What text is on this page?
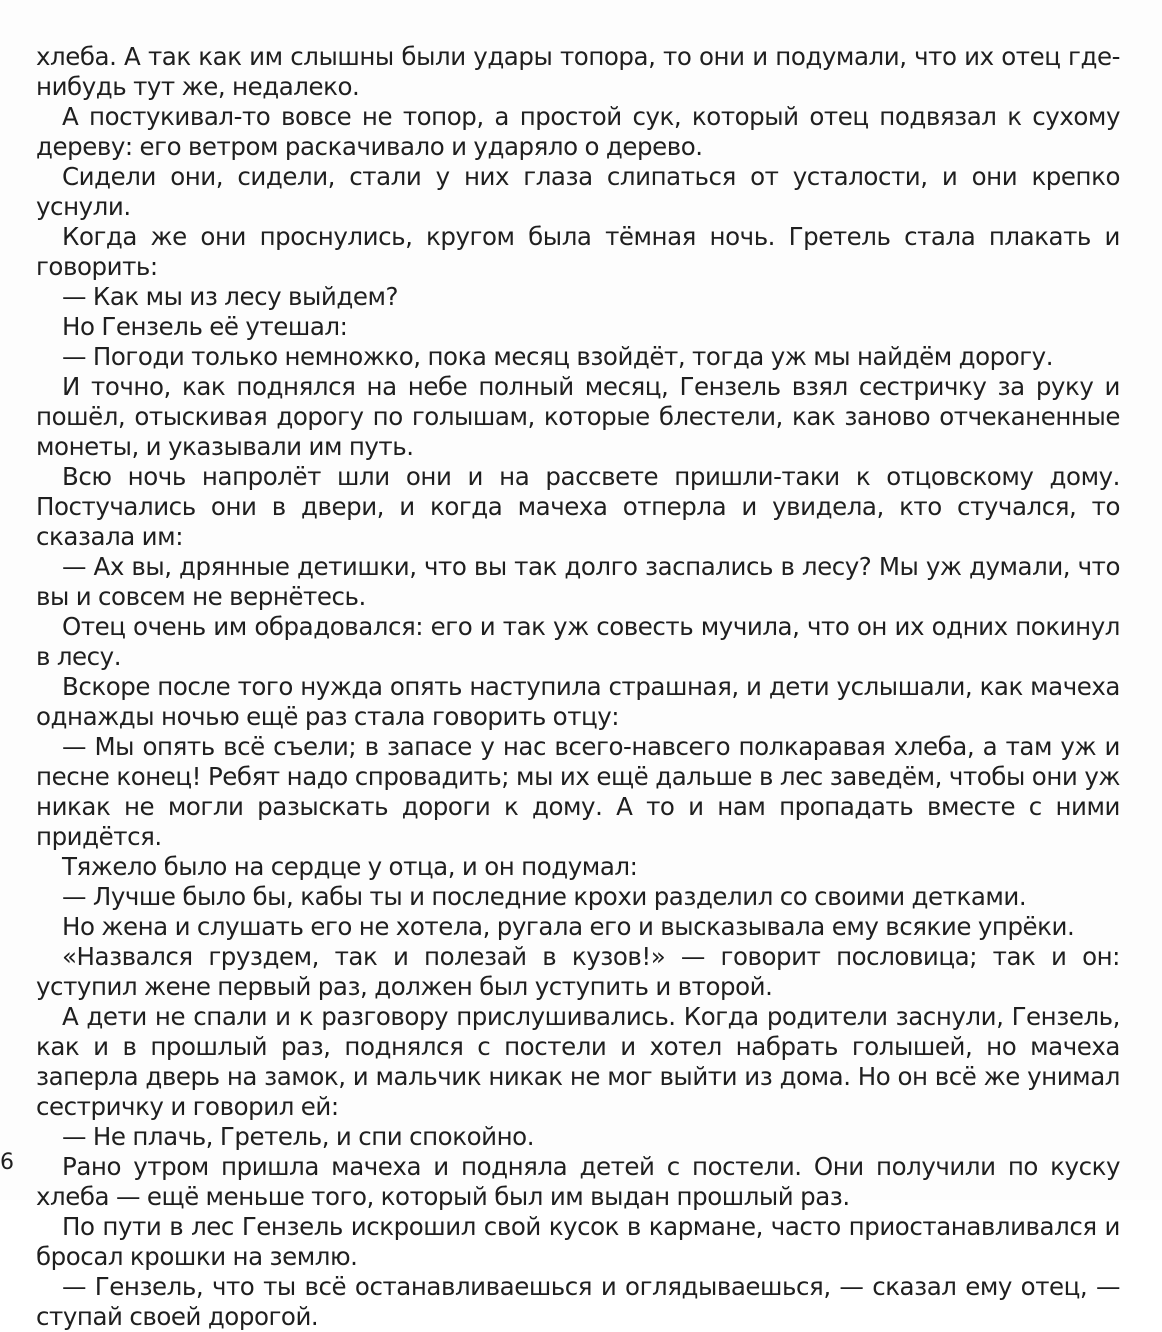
хлеба. А так как им слышны были удары топора, то они и подумали, что их отец где-нибудь тут же, недалеко.

А постукивал-то вовсе не топор, а простой сук, который отец подвязал к сухому дереву: его ветром раскачивало и ударяло о дерево.

Сидели они, сидели, стали у них глаза слипаться от усталости, и они крепко уснули.

Когда же они проснулись, кругом была тёмная ночь. Гретель стала плакать и говорить:

— Как мы из лесу выйдем?

Но Гензель её утешал:

— Погоди только немножко, пока месяц взойдёт, тогда уж мы найдём дорогу.

И точно, как поднялся на небе полный месяц, Гензель взял сестричку за руку и пошёл, отыскивая дорогу по голышам, которые блестели, как заново отчеканенные монеты, и указывали им путь.

Всю ночь напролёт шли они и на рассвете пришли-таки к отцовскому дому. Постучались они в двери, и когда мачеха отперла и увидела, кто стучался, то сказала им:

— Ах вы, дрянные детишки, что вы так долго заспались в лесу? Мы уж думали, что вы и совсем не вернётесь.

Отец очень им обрадовался: его и так уж совесть мучила, что он их одних покинул в лесу.

Вскоре после того нужда опять наступила страшная, и дети услышали, как мачеха однажды ночью ещё раз стала говорить отцу:

— Мы опять всё съели; в запасе у нас всего-навсего полкаравая хлеба, а там уж и песне конец! Ребят надо спровадить; мы их ещё дальше в лес заведём, чтобы они уж никак не могли разыскать дороги к дому. А то и нам пропадать вместе с ними придётся.

Тяжело было на сердце у отца, и он подумал:

— Лучше было бы, кабы ты и последние крохи разделил со своими детками.

Но жена и слушать его не хотела, ругала его и высказывала ему всякие упрёки.

«Назвался груздем, так и полезай в кузов!» — говорит пословица; так и он: уступил жене первый раз, должен был уступить и второй.

А дети не спали и к разговору прислушивались. Когда родители заснули, Гензель, как и в прошлый раз, поднялся с постели и хотел набрать голышей, но мачеха заперла дверь на замок, и мальчик никак не мог выйти из дома. Но он всё же унимал сестричку и говорил ей:

— Не плачь, Гретель, и спи спокойно.

Рано утром пришла мачеха и подняла детей с постели. Они получили по куску хлеба — ещё меньше того, который был им выдан прошлый раз.

По пути в лес Гензель искрошил свой кусок в кармане, часто приостанавливался и бросал крошки на землю.

— Гензель, что ты всё останавливаешься и оглядываешься, — сказал ему отец, — ступай своей дорогой.

6
